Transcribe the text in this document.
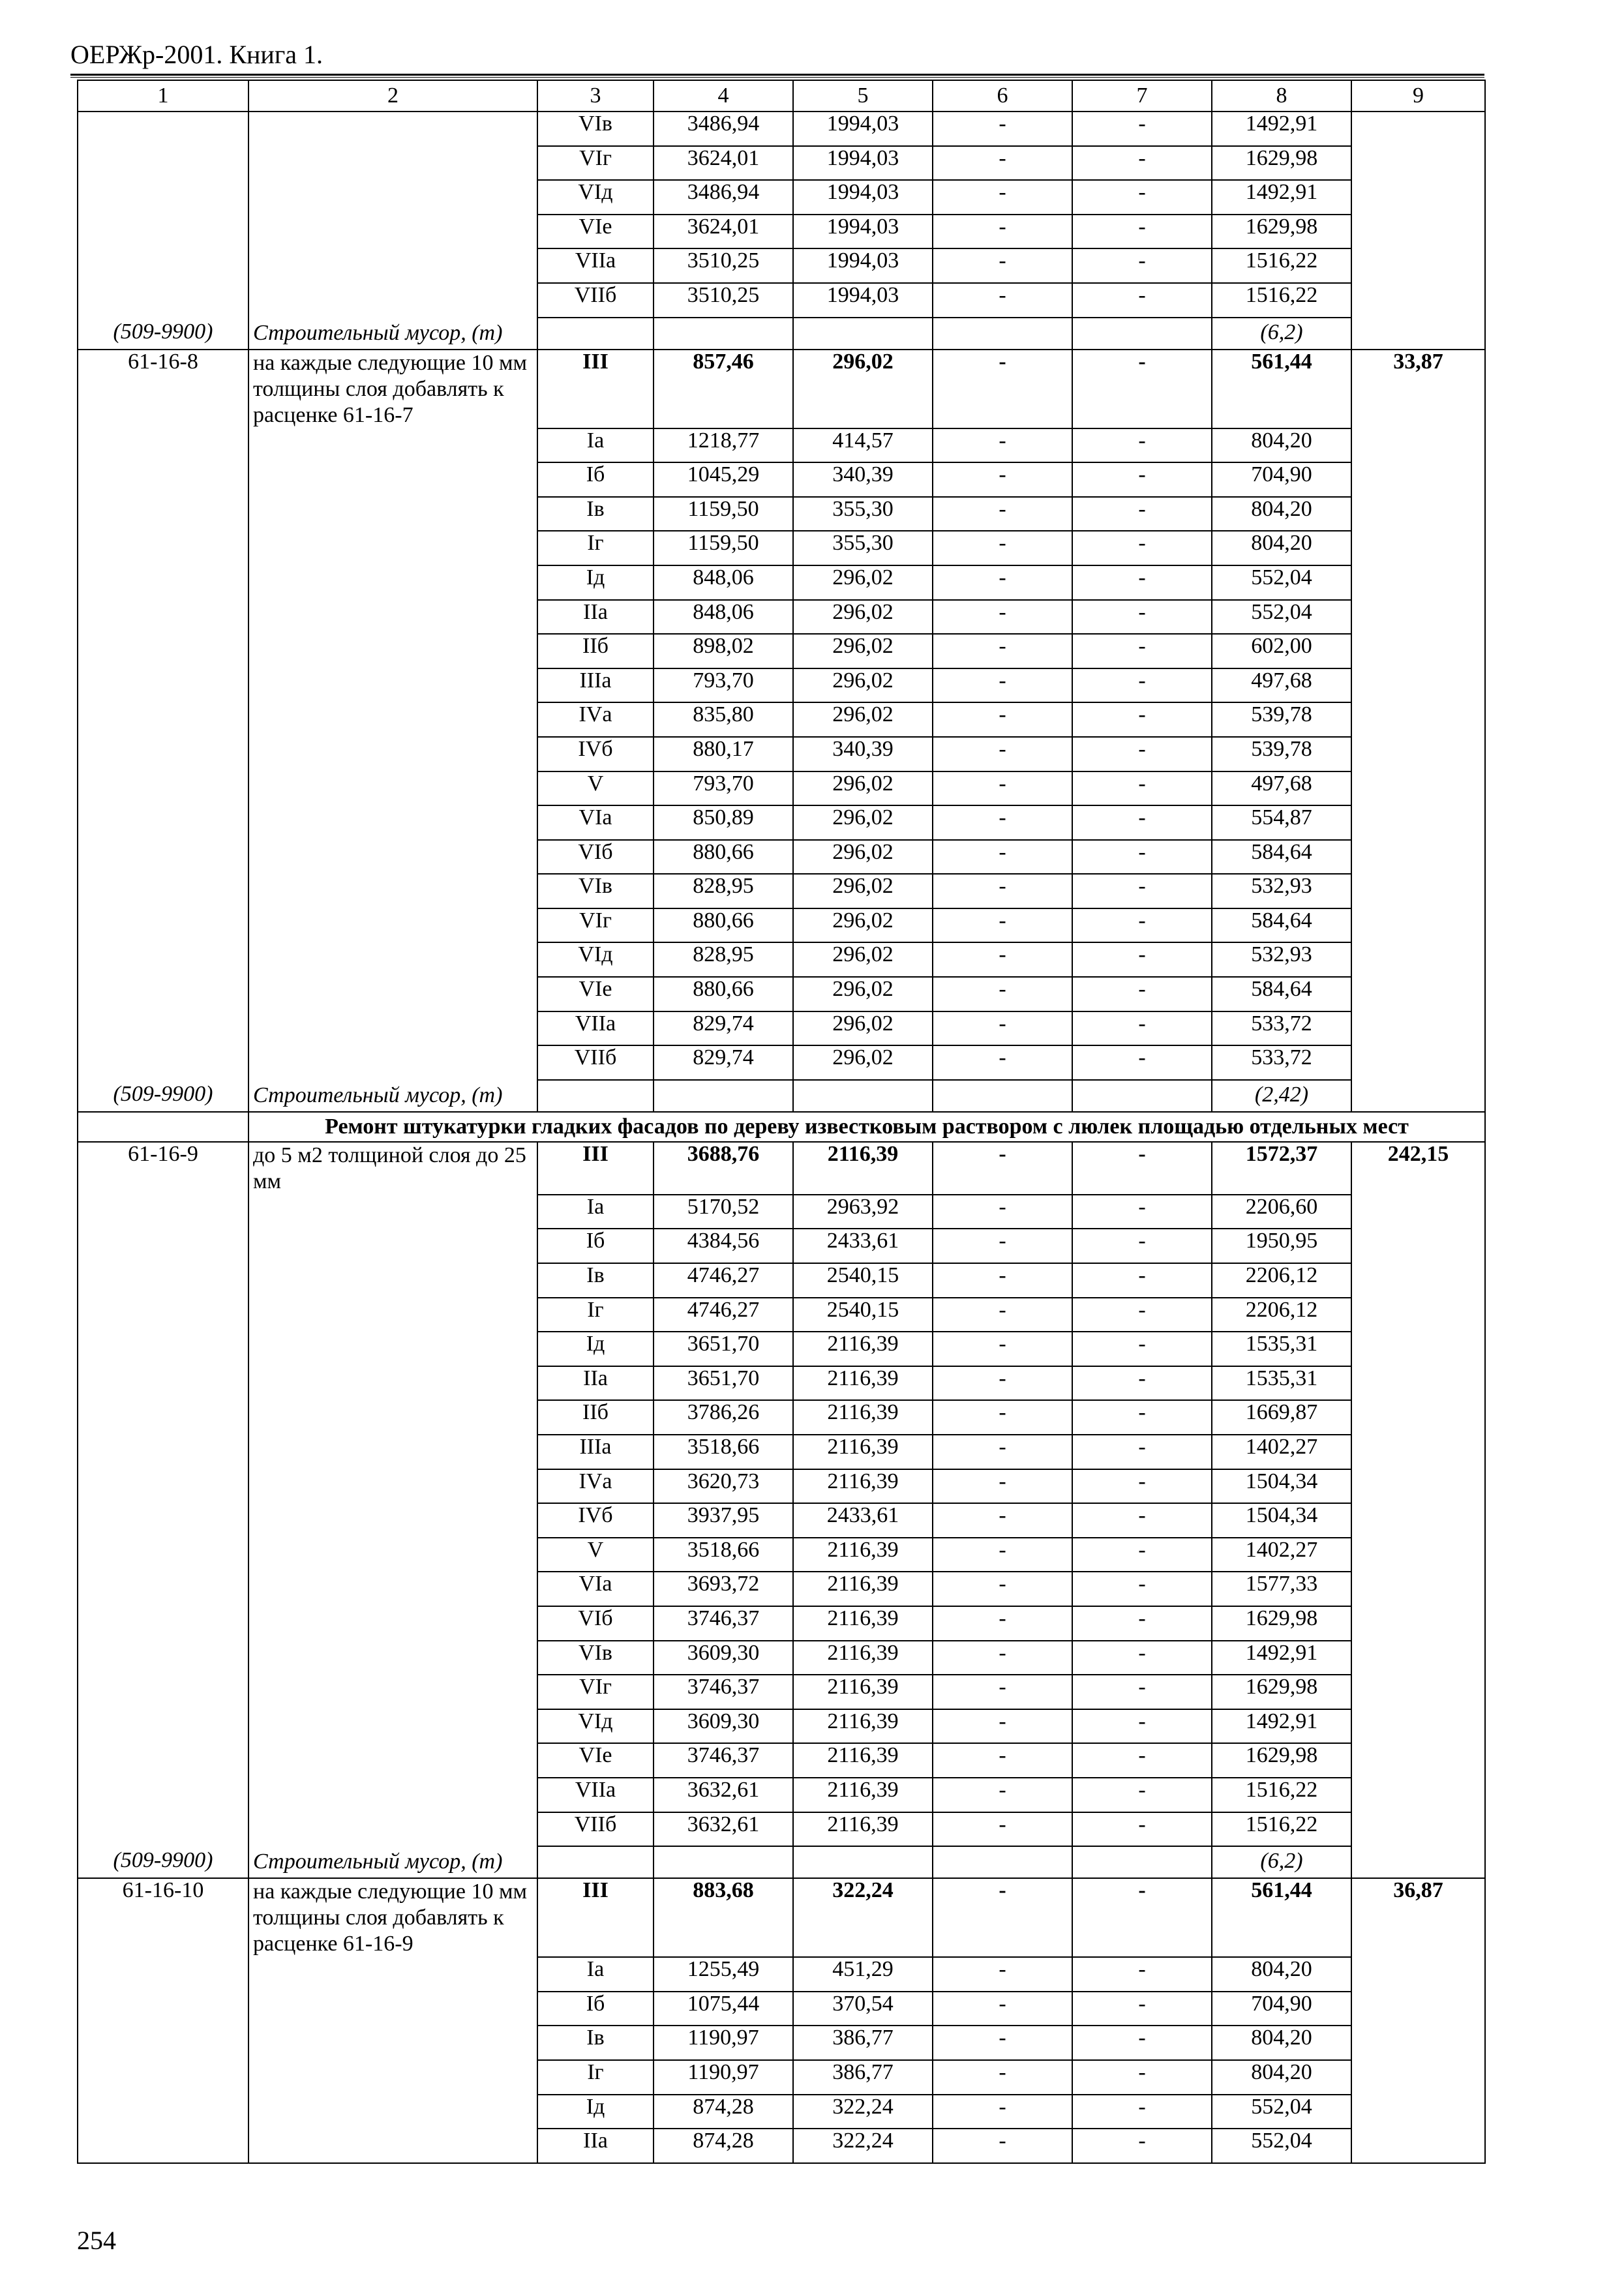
ОЕРЖр-2001. Книга 1.
1	2	3	4	5	6	7	8	9
		VIв	3486,94	1994,03	-	-	1492,91	
		VIг	3624,01	1994,03	-	-	1629,98	
		VIд	3486,94	1994,03	-	-	1492,91	
		VIе	3624,01	1994,03	-	-	1629,98	
		VIIа	3510,25	1994,03	-	-	1516,22	
		VIIб	3510,25	1994,03	-	-	1516,22	
(509-9900)	Строительный мусор, (т)						(6,2)	
61-16-8	на каждые следующие 10 мм толщины слоя добавлять к расценке 61-16-7	III	857,46	296,02	-	-	561,44	33,87
		Iа	1218,77	414,57	-	-	804,20	
		Iб	1045,29	340,39	-	-	704,90	
		Iв	1159,50	355,30	-	-	804,20	
		Iг	1159,50	355,30	-	-	804,20	
		Iд	848,06	296,02	-	-	552,04	
		IIа	848,06	296,02	-	-	552,04	
		IIб	898,02	296,02	-	-	602,00	
		IIIа	793,70	296,02	-	-	497,68	
		IVа	835,80	296,02	-	-	539,78	
		IVб	880,17	340,39	-	-	539,78	
		V	793,70	296,02	-	-	497,68	
		VIа	850,89	296,02	-	-	554,87	
		VIб	880,66	296,02	-	-	584,64	
		VIв	828,95	296,02	-	-	532,93	
		VIг	880,66	296,02	-	-	584,64	
		VIд	828,95	296,02	-	-	532,93	
		VIе	880,66	296,02	-	-	584,64	
		VIIа	829,74	296,02	-	-	533,72	
		VIIб	829,74	296,02	-	-	533,72	
(509-9900)	Строительный мусор, (т)						(2,42)	
	Ремонт штукатурки гладких фасадов по дереву известковым раствором с люлек площадью отдельных мест							
61-16-9	до 5 м2 толщиной слоя до 25 мм	III	3688,76	2116,39	-	-	1572,37	242,15
		Iа	5170,52	2963,92	-	-	2206,60	
		Iб	4384,56	2433,61	-	-	1950,95	
		Iв	4746,27	2540,15	-	-	2206,12	
		Iг	4746,27	2540,15	-	-	2206,12	
		Iд	3651,70	2116,39	-	-	1535,31	
		IIа	3651,70	2116,39	-	-	1535,31	
		IIб	3786,26	2116,39	-	-	1669,87	
		IIIа	3518,66	2116,39	-	-	1402,27	
		IVа	3620,73	2116,39	-	-	1504,34	
		IVб	3937,95	2433,61	-	-	1504,34	
		V	3518,66	2116,39	-	-	1402,27	
		VIа	3693,72	2116,39	-	-	1577,33	
		VIб	3746,37	2116,39	-	-	1629,98	
		VIв	3609,30	2116,39	-	-	1492,91	
		VIг	3746,37	2116,39	-	-	1629,98	
		VIд	3609,30	2116,39	-	-	1492,91	
		VIе	3746,37	2116,39	-	-	1629,98	
		VIIа	3632,61	2116,39	-	-	1516,22	
		VIIб	3632,61	2116,39	-	-	1516,22	
(509-9900)	Строительный мусор, (т)						(6,2)	
61-16-10	на каждые следующие 10 мм толщины слоя добавлять к расценке 61-16-9	III	883,68	322,24	-	-	561,44	36,87
		Iа	1255,49	451,29	-	-	804,20	
		Iб	1075,44	370,54	-	-	704,90	
		Iв	1190,97	386,77	-	-	804,20	
		Iг	1190,97	386,77	-	-	804,20	
		Iд	874,28	322,24	-	-	552,04	
		IIа	874,28	322,24	-	-	552,04	
254
